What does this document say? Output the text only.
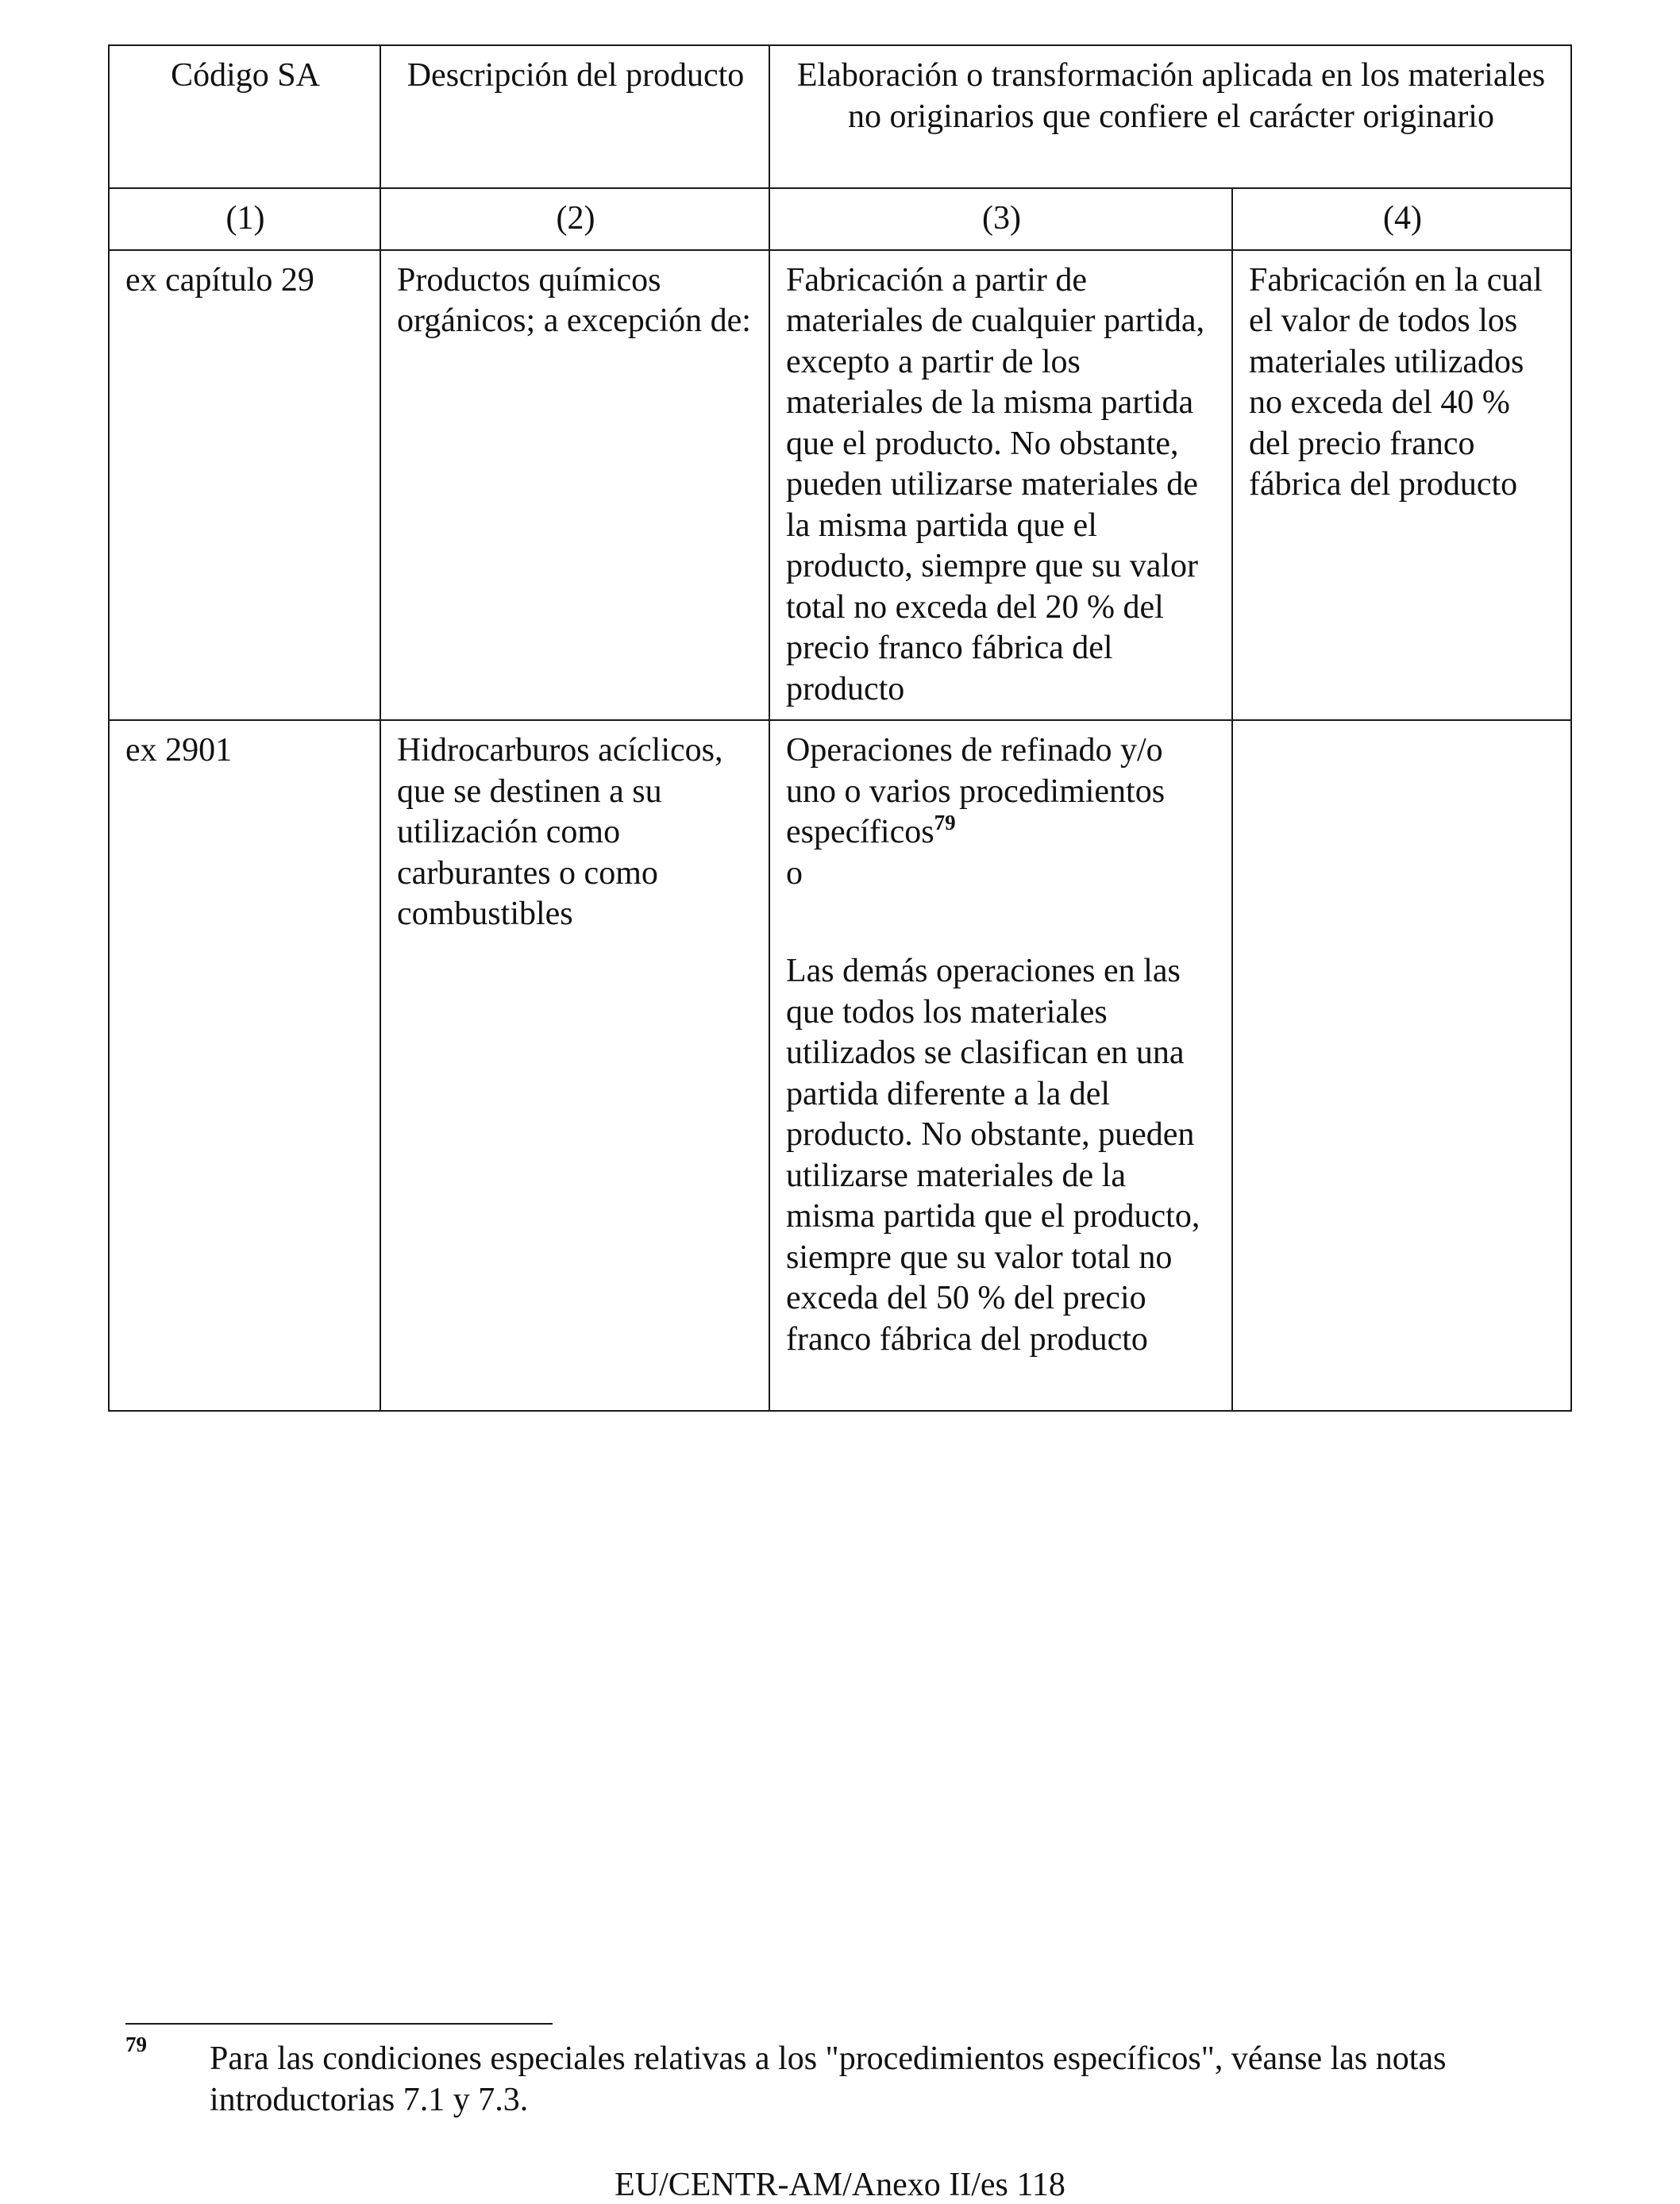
Código SA	Descripción del producto	Elaboración o transformación aplicada en los materiales no originarios que confiere el carácter originario	
(1)	(2)	(3)	(4)
ex capítulo 29	Productos químicos orgánicos; a excepción de:	Fabricación a partir de materiales de cualquier partida, excepto a partir de los materiales de la misma partida que el producto. No obstante, pueden utilizarse materiales de la misma partida que el producto, siempre que su valor total no exceda del 20 % del precio franco fábrica del producto	Fabricación en la cual el valor de todos los materiales utilizados no exceda del 40 % del precio franco fábrica del producto
ex 2901	Hidrocarburos acíclicos, que se destinen a su utilización como carburantes o como combustibles	Operaciones de refinado y/o uno o varios procedimientos específicos$^{79}$
o
Las demás operaciones en las que todos los materiales utilizados se clasifican en una partida diferente a la del producto. No obstante, pueden utilizarse materiales de la misma partida que el producto, siempre que su valor total no exceda del 50 % del precio franco fábrica del producto	

79 Para las condiciones especiales relativas a los "procedimientos específicos", véanse las notas introductorias 7.1 y 7.3.
EU/CENTR-AM/Anexo II/es 118
